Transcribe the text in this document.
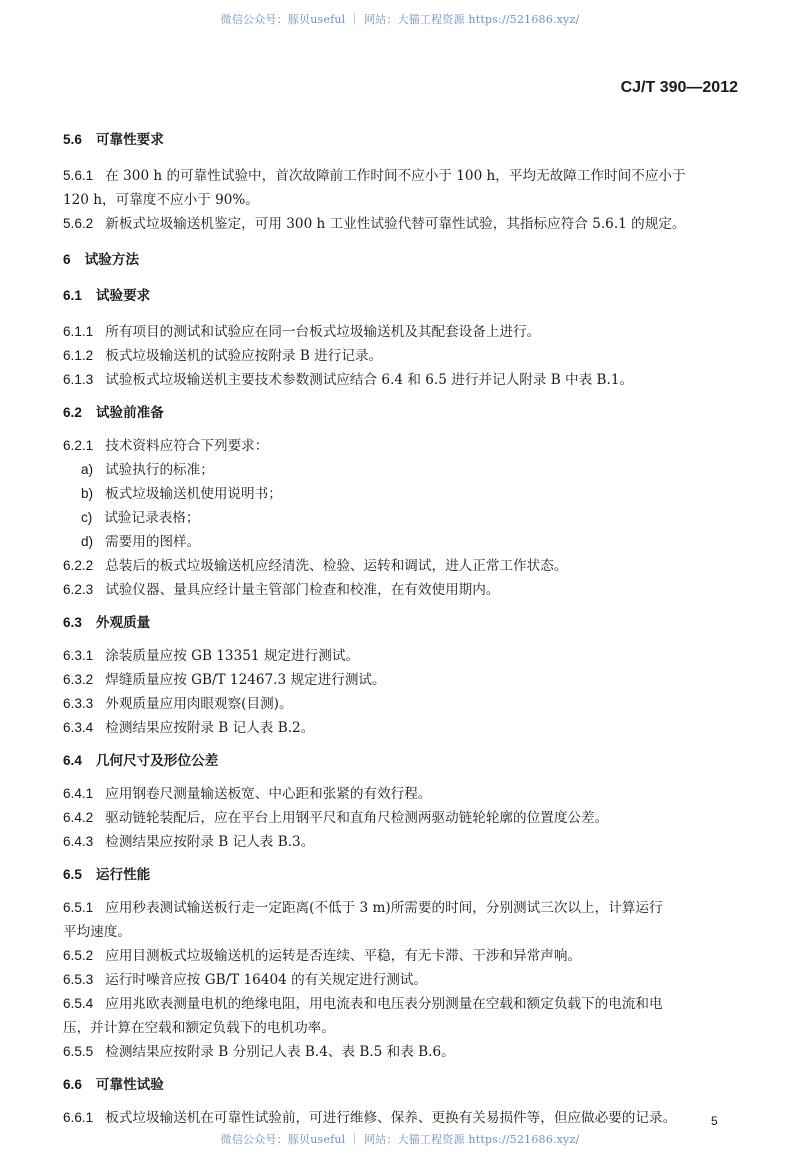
微信公众号：豚贝useful ｜ 网站：大猫工程资源 https://521686.xyz/
CJ/T 390—2012
5.6 可靠性要求
5.6.1 在 300 h 的可靠性试验中，首次故障前工作时间不应小于 100 h，平均无故障工作时间不应小于
120 h，可靠度不应小于 90%。
5.6.2 新板式垃圾输送机鉴定，可用 300 h 工业性试验代替可靠性试验，其指标应符合 5.6.1 的规定。
6 试验方法
6.1 试验要求
6.1.1 所有项目的测试和试验应在同一台板式垃圾输送机及其配套设备上进行。
6.1.2 板式垃圾输送机的试验应按附录 B 进行记录。
6.1.3 试验板式垃圾输送机主要技术参数测试应结合 6.4 和 6.5 进行并记人附录 B 中表 B.1。
6.2 试验前准备
6.2.1 技术资料应符合下列要求：
a) 试验执行的标准；
b) 板式垃圾输送机使用说明书；
c) 试验记录表格；
d) 需要用的图样。
6.2.2 总装后的板式垃圾输送机应经清洗、检验、运转和调试，进人正常工作状态。
6.2.3 试验仪器、量具应经计量主管部门检查和校准，在有效使用期内。
6.3 外观质量
6.3.1 涂装质量应按 GB 13351 规定进行测试。
6.3.2 焊缝质量应按 GB/T 12467.3 规定进行测试。
6.3.3 外观质量应用肉眼观察(目测)。
6.3.4 检测结果应按附录 B 记人表 B.2。
6.4 几何尺寸及形位公差
6.4.1 应用钢卷尺测量输送板宽、中心距和张紧的有效行程。
6.4.2 驱动链轮装配后，应在平台上用钢平尺和直角尺检测两驱动链轮轮廓的位置度公差。
6.4.3 检测结果应按附录 B 记人表 B.3。
6.5 运行性能
6.5.1 应用秒表测试输送板行走一定距离(不低于 3 m)所需要的时间，分别测试三次以上，计算运行
平均速度。
6.5.2 应用目测板式垃圾输送机的运转是否连续、平稳，有无卡滞、干涉和异常声响。
6.5.3 运行时噪音应按 GB/T 16404 的有关规定进行测试。
6.5.4 应用兆欧表测量电机的绝缘电阻，用电流表和电压表分别测量在空载和额定负载下的电流和电
压，并计算在空载和额定负载下的电机功率。
6.5.5 检测结果应按附录 B 分别记人表 B.4、表 B.5 和表 B.6。
6.6 可靠性试验
6.6.1 板式垃圾输送机在可靠性试验前，可进行维修、保养、更换有关易损件等，但应做必要的记录。	5
微信公众号：豚贝useful ｜ 网站：大猫工程资源 https://521686.xyz/
